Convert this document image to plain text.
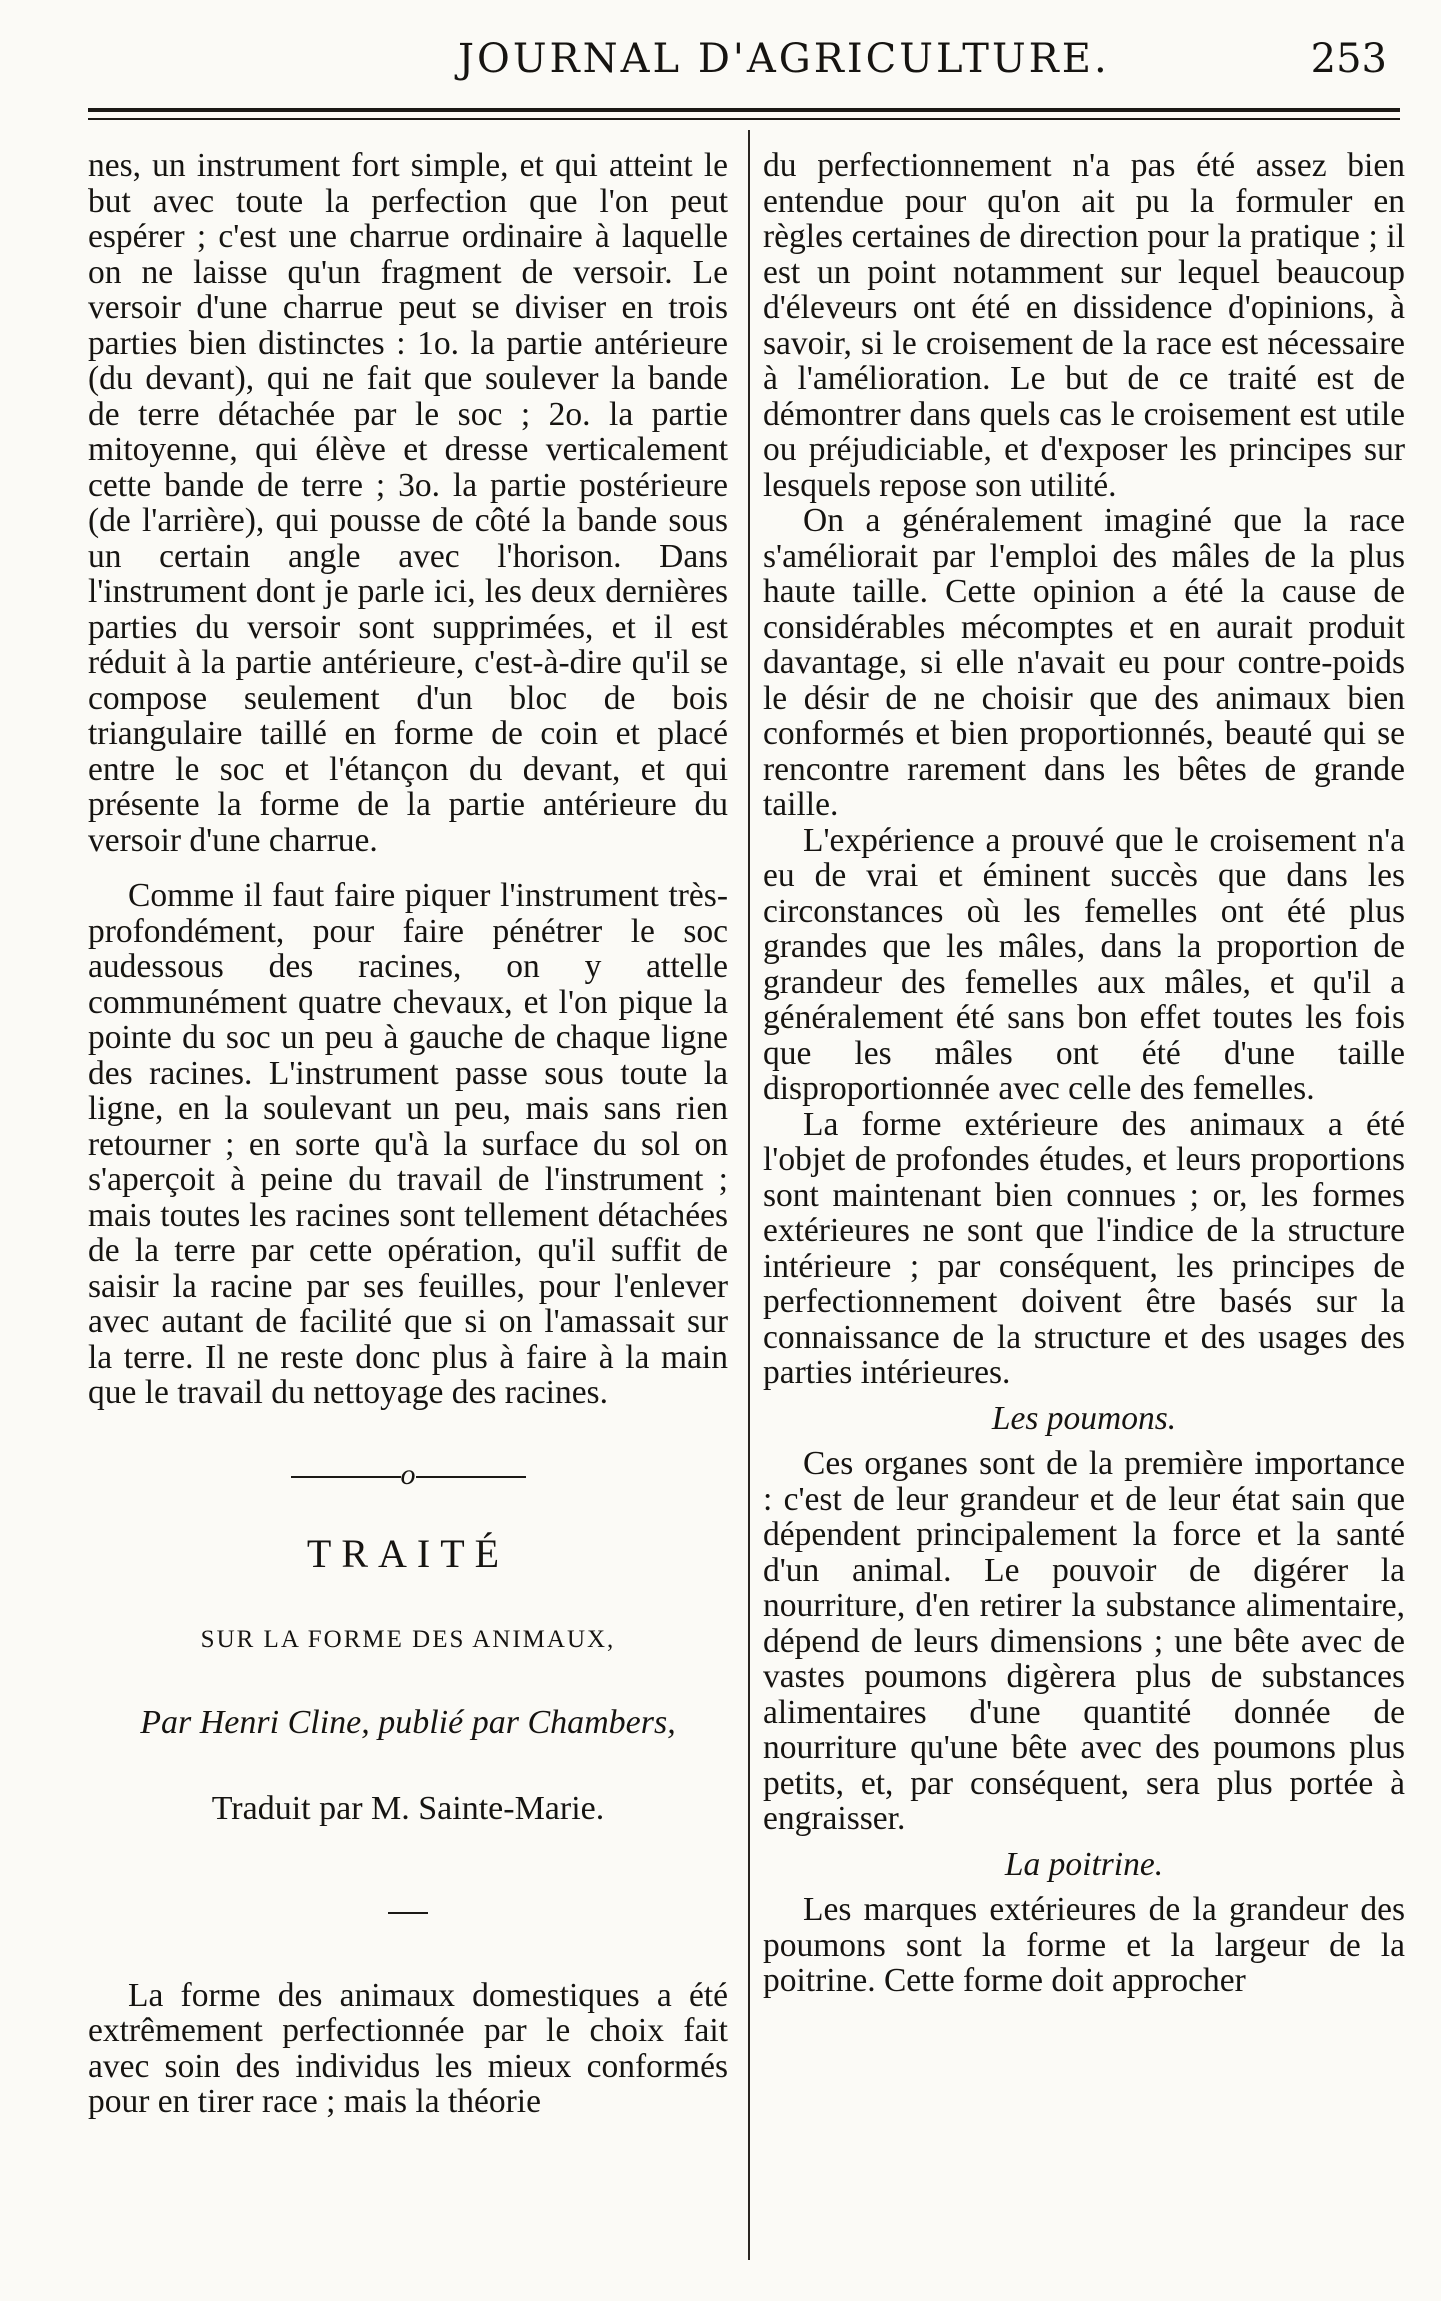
JOURNAL D'AGRICULTURE.	253

nes, un instrument fort simple, et qui atteint le but avec toute la perfection que l'on peut espérer ; c'est une charrue ordinaire à laquelle on ne laisse qu'un fragment de versoir. Le versoir d'une charrue peut se diviser en trois parties bien distinctes : 1o. la partie antérieure (du devant), qui ne fait que soulever la bande de terre détachée par le soc ; 2o. la partie mitoyenne, qui élève et dresse verticalement cette bande de terre ; 3o. la partie postérieure (de l'arrière), qui pousse de côté la bande sous un certain angle avec l'horison. Dans l'instrument dont je parle ici, les deux dernières parties du versoir sont supprimées, et il est réduit à la partie antérieure, c'est-à-dire qu'il se compose seulement d'un bloc de bois triangulaire taillé en forme de coin et placé entre le soc et l'étançon du devant, et qui présente la forme de la partie antérieure du versoir d'une charrue.

Comme il faut faire piquer l'instrument très-profondément, pour faire pénétrer le soc audessous des racines, on y attelle communément quatre chevaux, et l'on pique la pointe du soc un peu à gauche de chaque ligne des racines. L'instrument passe sous toute la ligne, en la soulevant un peu, mais sans rien retourner ; en sorte qu'à la surface du sol on s'aperçoit à peine du travail de l'instrument ; mais toutes les racines sont tellement détachées de la terre par cette opération, qu'il suffit de saisir la racine par ses feuilles, pour l'enlever avec autant de facilité que si on l'amassait sur la terre. Il ne reste donc plus à faire à la main que le travail du nettoyage des racines.

o
TRAITÉ
SUR LA FORME DES ANIMAUX,
Par Henri Cline, publié par Chambers,
Traduit par M. Sainte-Marie.

La forme des animaux domestiques a été extrêmement perfectionnée par le choix fait avec soin des individus les mieux conformés pour en tirer race ; mais la théorie

du perfectionnement n'a pas été assez bien entendue pour qu'on ait pu la formuler en règles certaines de direction pour la pratique ; il est un point notamment sur lequel beaucoup d'éleveurs ont été en dissidence d'opinions, à savoir, si le croisement de la race est nécessaire à l'amélioration. Le but de ce traité est de démontrer dans quels cas le croisement est utile ou préjudiciable, et d'exposer les principes sur lesquels repose son utilité.

On a généralement imaginé que la race s'améliorait par l'emploi des mâles de la plus haute taille. Cette opinion a été la cause de considérables mécomptes et en aurait produit davantage, si elle n'avait eu pour contre-poids le désir de ne choisir que des animaux bien conformés et bien proportionnés, beauté qui se rencontre rarement dans les bêtes de grande taille.

L'expérience a prouvé que le croisement n'a eu de vrai et éminent succès que dans les circonstances où les femelles ont été plus grandes que les mâles, dans la proportion de grandeur des femelles aux mâles, et qu'il a généralement été sans bon effet toutes les fois que les mâles ont été d'une taille disproportionnée avec celle des femelles.

La forme extérieure des animaux a été l'objet de profondes études, et leurs proportions sont maintenant bien connues ; or, les formes extérieures ne sont que l'indice de la structure intérieure ; par conséquent, les principes de perfectionnement doivent être basés sur la connaissance de la structure et des usages des parties intérieures.

Les poumons.

Ces organes sont de la première importance : c'est de leur grandeur et de leur état sain que dépendent principalement la force et la santé d'un animal. Le pouvoir de digérer la nourriture, d'en retirer la substance alimentaire, dépend de leurs dimensions ; une bête avec de vastes poumons digèrera plus de substances alimentaires d'une quantité donnée de nourriture qu'une bête avec des poumons plus petits, et, par conséquent, sera plus portée à engraisser.

La poitrine.

Les marques extérieures de la grandeur des poumons sont la forme et la largeur de la poitrine. Cette forme doit approcher
